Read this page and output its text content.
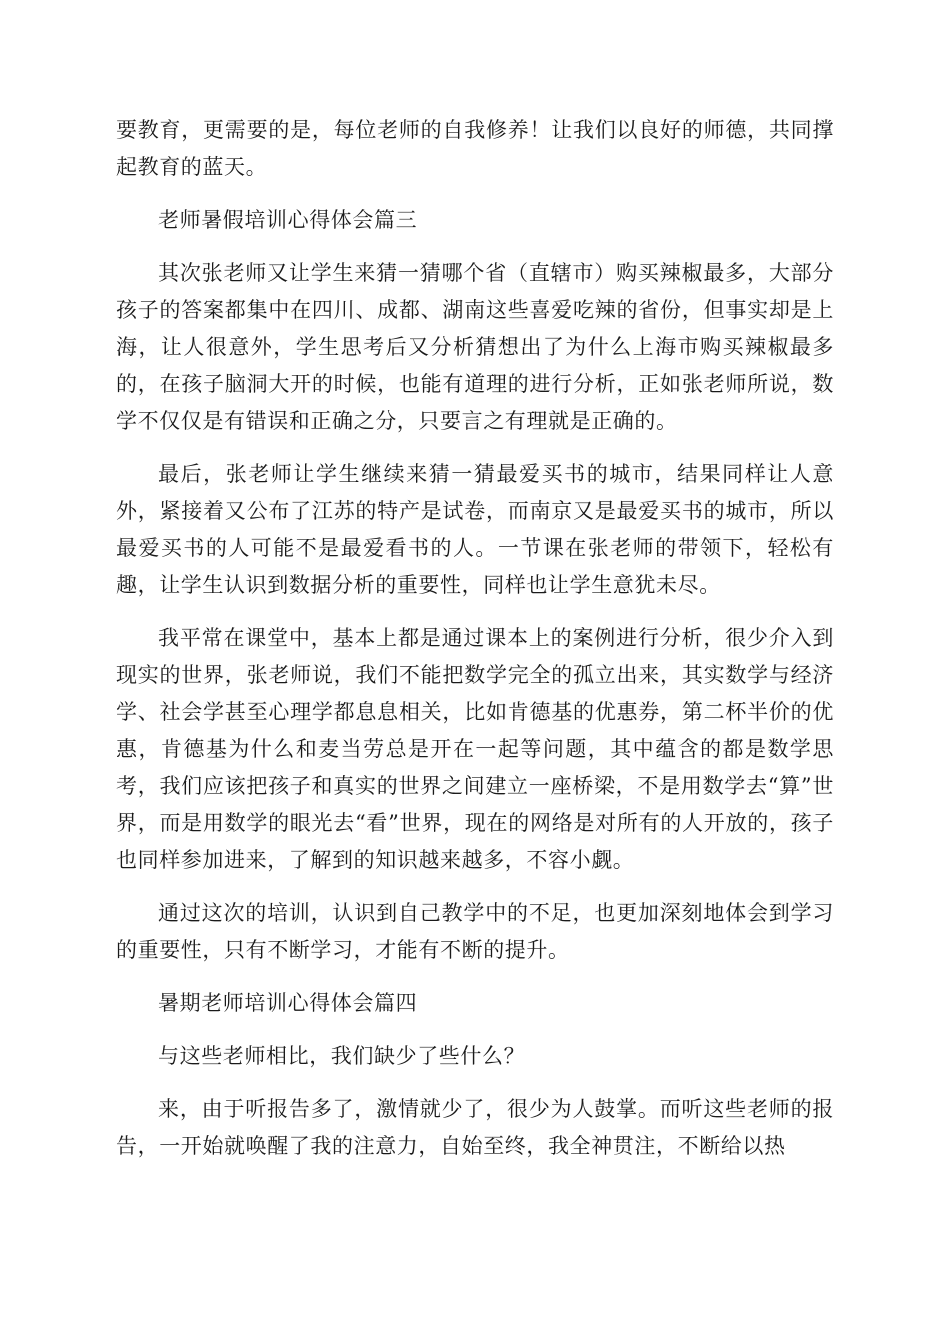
要教育，更需要的是，每位老师的自我修养！让我们以良好的师德，共同撑起教育的蓝天。

老师暑假培训心得体会篇三

其次张老师又让学生来猜一猜哪个省（直辖市）购买辣椒最多，大部分孩子的答案都集中在四川、成都、湖南这些喜爱吃辣的省份，但事实却是上海，让人很意外，学生思考后又分析猜想出了为什么上海市购买辣椒最多的，在孩子脑洞大开的时候，也能有道理的进行分析，正如张老师所说，数学不仅仅是有错误和正确之分，只要言之有理就是正确的。

最后，张老师让学生继续来猜一猜最爱买书的城市，结果同样让人意外，紧接着又公布了江苏的特产是试卷，而南京又是最爱买书的城市，所以最爱买书的人可能不是最爱看书的人。一节课在张老师的带领下，轻松有趣，让学生认识到数据分析的重要性，同样也让学生意犹未尽。

我平常在课堂中，基本上都是通过课本上的案例进行分析，很少介入到现实的世界，张老师说，我们不能把数学完全的孤立出来，其实数学与经济学、社会学甚至心理学都息息相关，比如肯德基的优惠券，第二杯半价的优惠，肯德基为什么和麦当劳总是开在一起等问题，其中蕴含的都是数学思考，我们应该把孩子和真实的世界之间建立一座桥梁，不是用数学去“算”世界，而是用数学的眼光去“看”世界，现在的网络是对所有的人开放的，孩子也同样参加进来，了解到的知识越来越多，不容小觑。

通过这次的培训，认识到自己教学中的不足，也更加深刻地体会到学习的重要性，只有不断学习，才能有不断的提升。

暑期老师培训心得体会篇四

与这些老师相比，我们缺少了些什么？

来，由于听报告多了，激情就少了，很少为人鼓掌。而听这些老师的报告，一开始就唤醒了我的注意力，自始至终，我全神贯注，不断给以热
